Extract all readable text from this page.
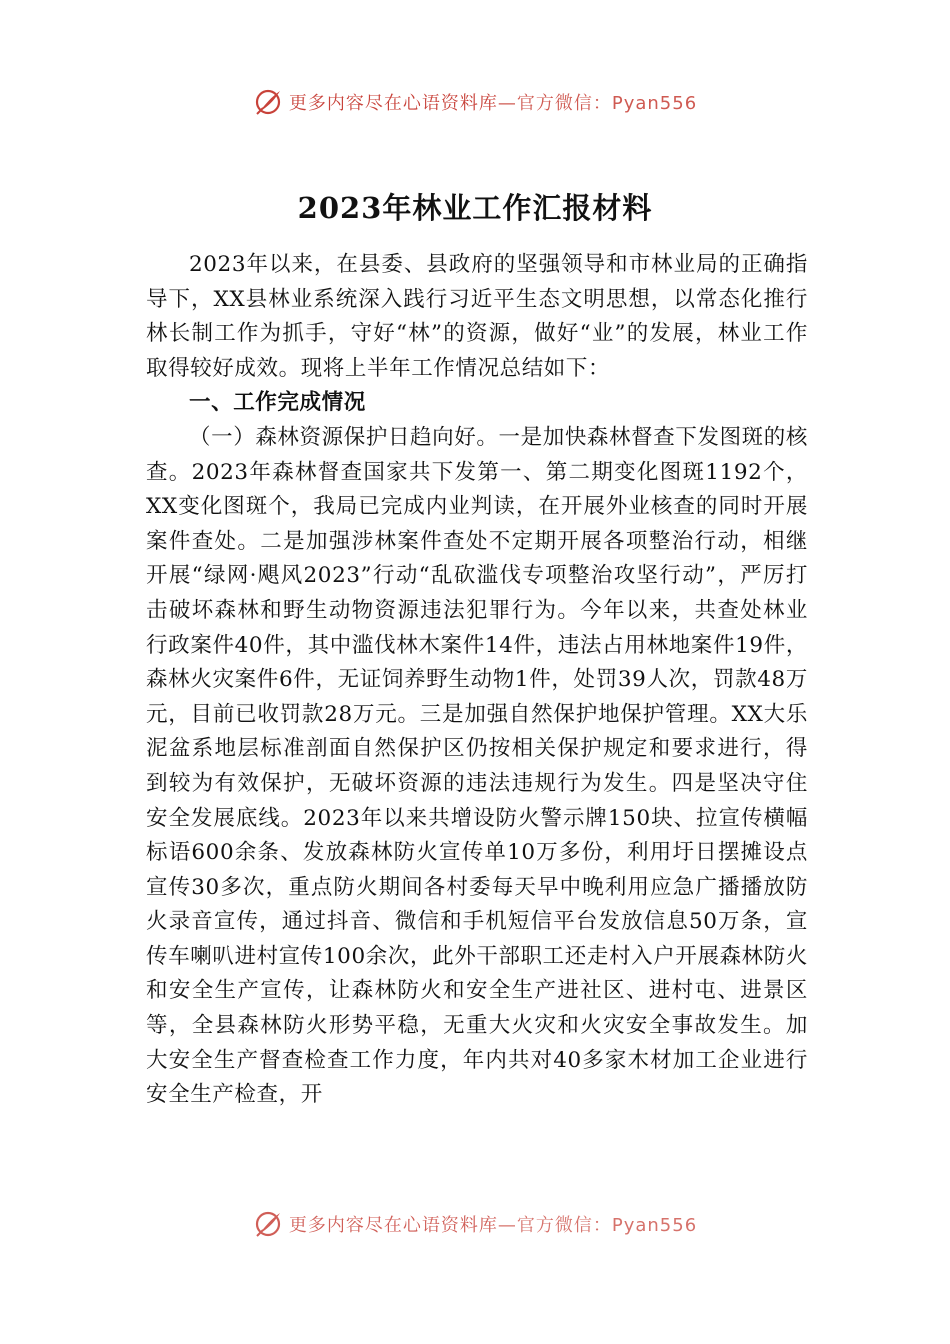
更多内容尽在心语资料库 —官方微信：Pyan556
2023年林业工作汇报材料

2023年以来，在县委、县政府的坚强领导和市林业局的正确指导下，XX县林业系统深入践行习近平生态文明思想，以常态化推行林长制工作为抓手，守好“林”的资源，做好“业”的发展，林业工作取得较好成效。现将上半年工作情况总结如下：

一、工作完成情况

（一）森林资源保护日趋向好。一是加快森林督查下发图斑的核查。2023年森林督查国家共下发第一、第二期变化图斑1192个，XX变化图斑个，我局已完成内业判读，在开展外业核查的同时开展案件查处。二是加强涉林案件查处不定期开展各项整治行动，相继开展“绿网·飓风2023”行动“乱砍滥伐专项整治攻坚行动”，严厉打击破坏森林和野生动物资源违法犯罪行为。今年以来，共查处林业行政案件40件，其中滥伐林木案件14件，违法占用林地案件19件，森林火灾案件6件，无证饲养野生动物1件，处罚39人次，罚款48万元，目前已收罚款28万元。三是加强自然保护地保护管理。XX大乐泥盆系地层标准剖面自然保护区仍按相关保护规定和要求进行，得到较为有效保护，无破坏资源的违法违规行为发生。四是坚决守住安全发展底线。2023年以来共增设防火警示牌150块、拉宣传横幅标语600余条、发放森林防火宣传单10万多份，利用圩日摆摊设点宣传30多次，重点防火期间各村委每天早中晚利用应急广播播放防火录音宣传，通过抖音、微信和手机短信平台发放信息50万条，宣传车喇叭进村宣传100余次，此外干部职工还走村入户开展森林防火和安全生产宣传，让森林防火和安全生产进社区、进村屯、进景区等，全县森林防火形势平稳，无重大火灾和火灾安全事故发生。加大安全生产督查检查工作力度，年内共对40多家木材加工企业进行安全生产检查，开

更多内容尽在心语资料库 —官方微信：Pyan556
